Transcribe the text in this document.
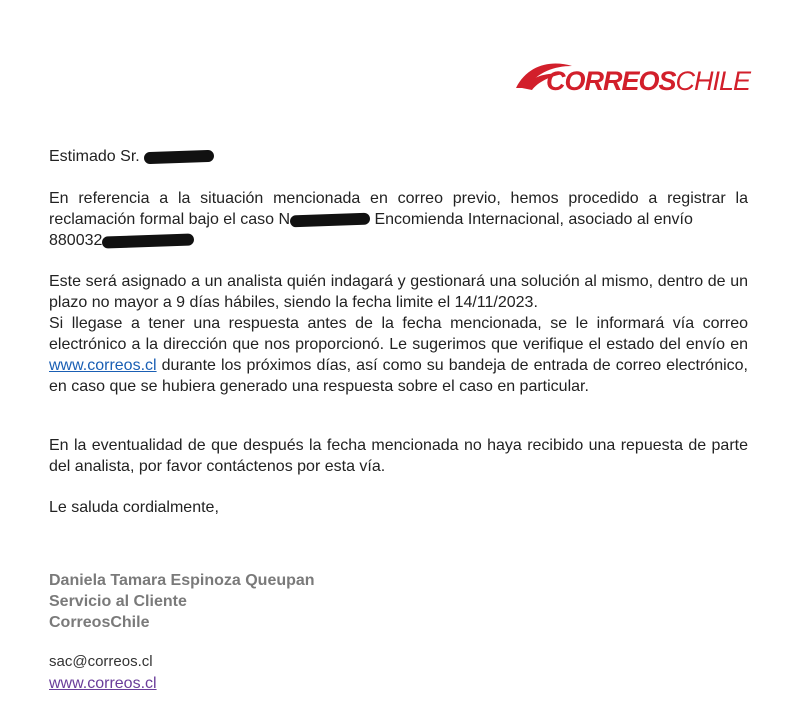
CORREOSCHILE

Estimado Sr.

En referencia a la situación mencionada en correo previo, hemos procedido a registrar la reclamación formal bajo el caso N	Encomienda Internacional, asociado al envío
880032

Este será asignado a un analista quién indagará y gestionará una solución al mismo, dentro de un plazo no mayor a 9 días hábiles, siendo la fecha limite el 14/11/2023.
Si llegase a tener una respuesta antes de la fecha mencionada, se le informará vía correo electrónico a la dirección que nos proporcionó. Le sugerimos que verifique el estado del envío en www.correos.cl durante los próximos días, así como su bandeja de entrada de correo electrónico, en caso que se hubiera generado una respuesta sobre el caso en particular.

En la eventualidad de que después la fecha mencionada no haya recibido una repuesta de parte del analista, por favor contáctenos por esta vía.

Le saluda cordialmente,

Daniela Tamara Espinoza Queupan

Servicio al Cliente

CorreosChile

sac@correos.cl

www.correos.cl
